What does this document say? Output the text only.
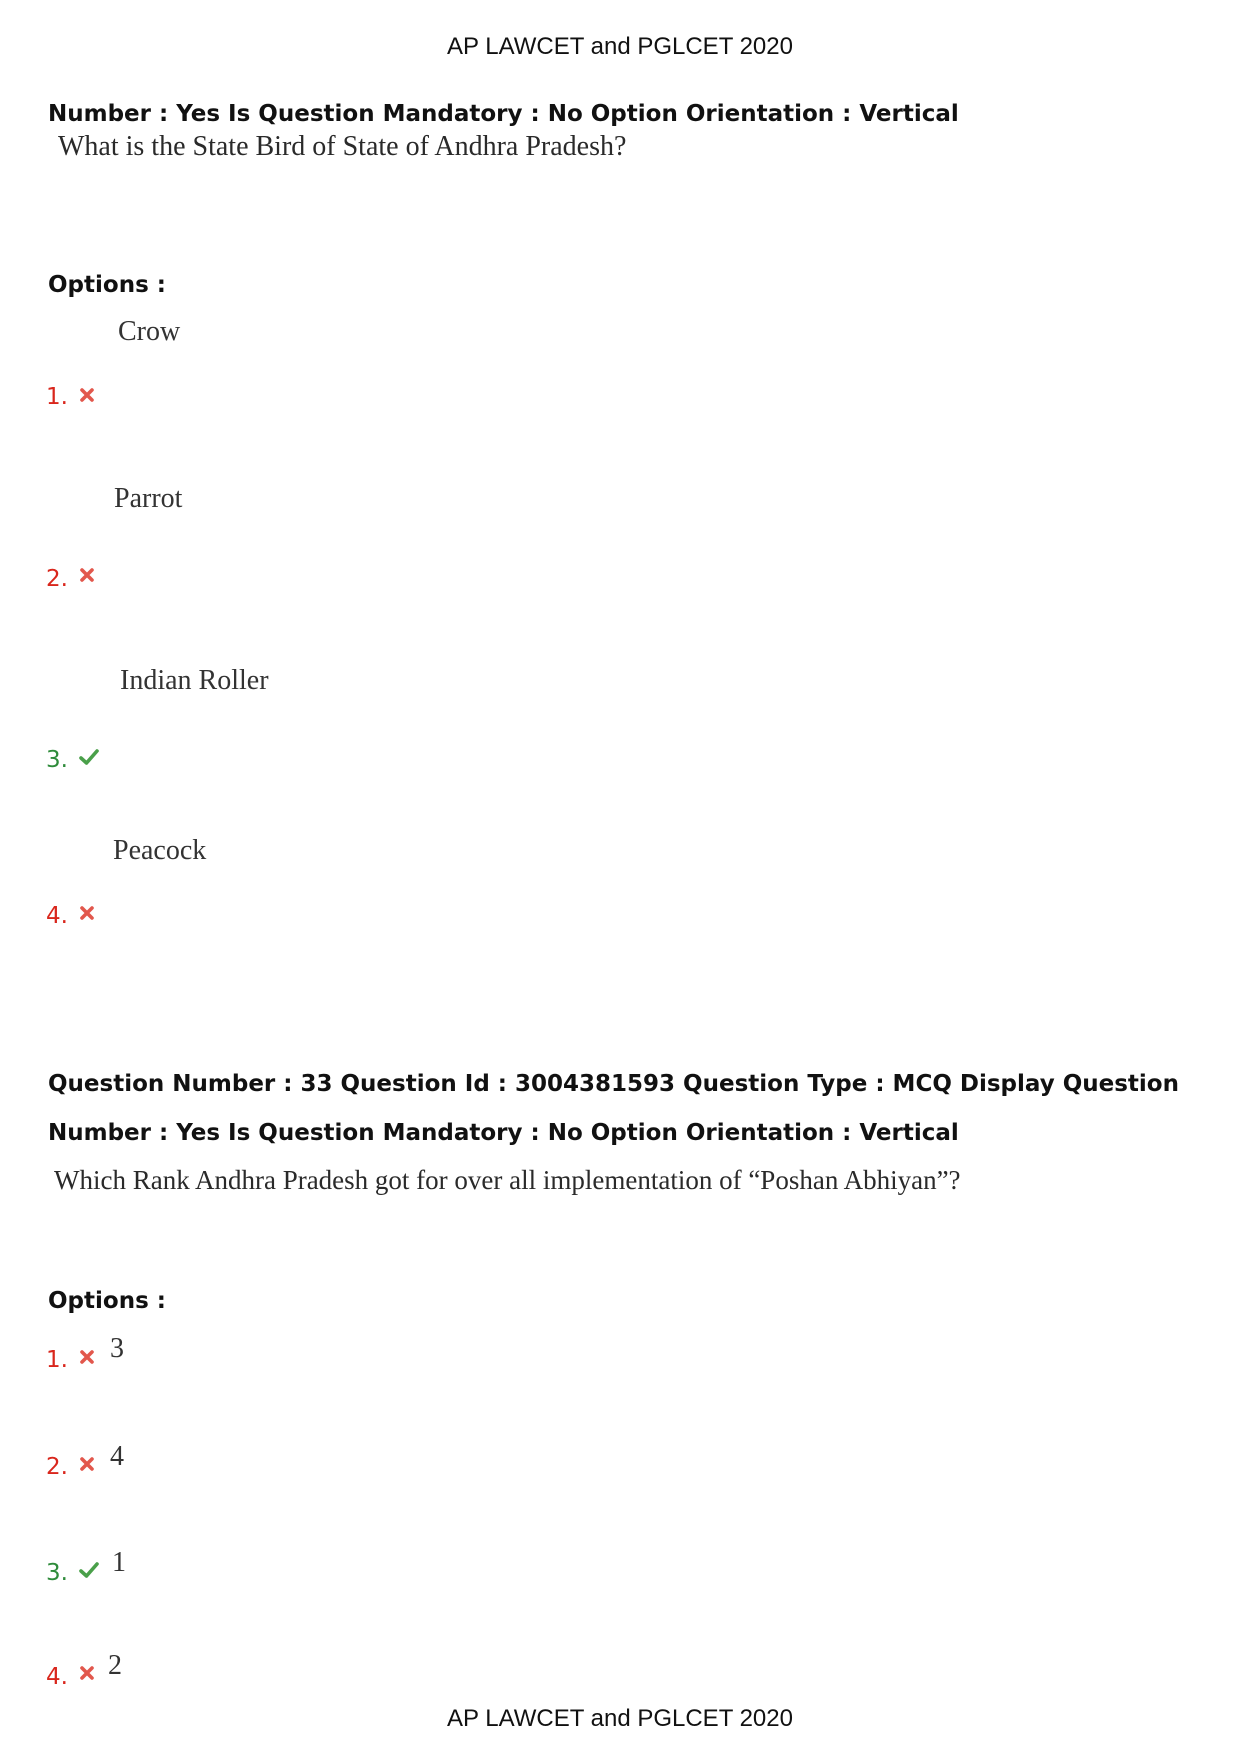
AP LAWCET and PGLCET 2020
Number : Yes Is Question Mandatory : No Option Orientation : Vertical
What is the State Bird of State of Andhra Pradesh?
Options :
Crow
1.
Parrot
2.
Indian Roller
3.
Peacock
4.
Question Number : 33 Question Id : 3004381593 Question Type : MCQ Display Question
Number : Yes Is Question Mandatory : No Option Orientation : Vertical
Which Rank Andhra Pradesh got for over all implementation of “Poshan Abhiyan”?
Options :
1. 3
2. 4
3. 1
4. 2
AP LAWCET and PGLCET 2020
